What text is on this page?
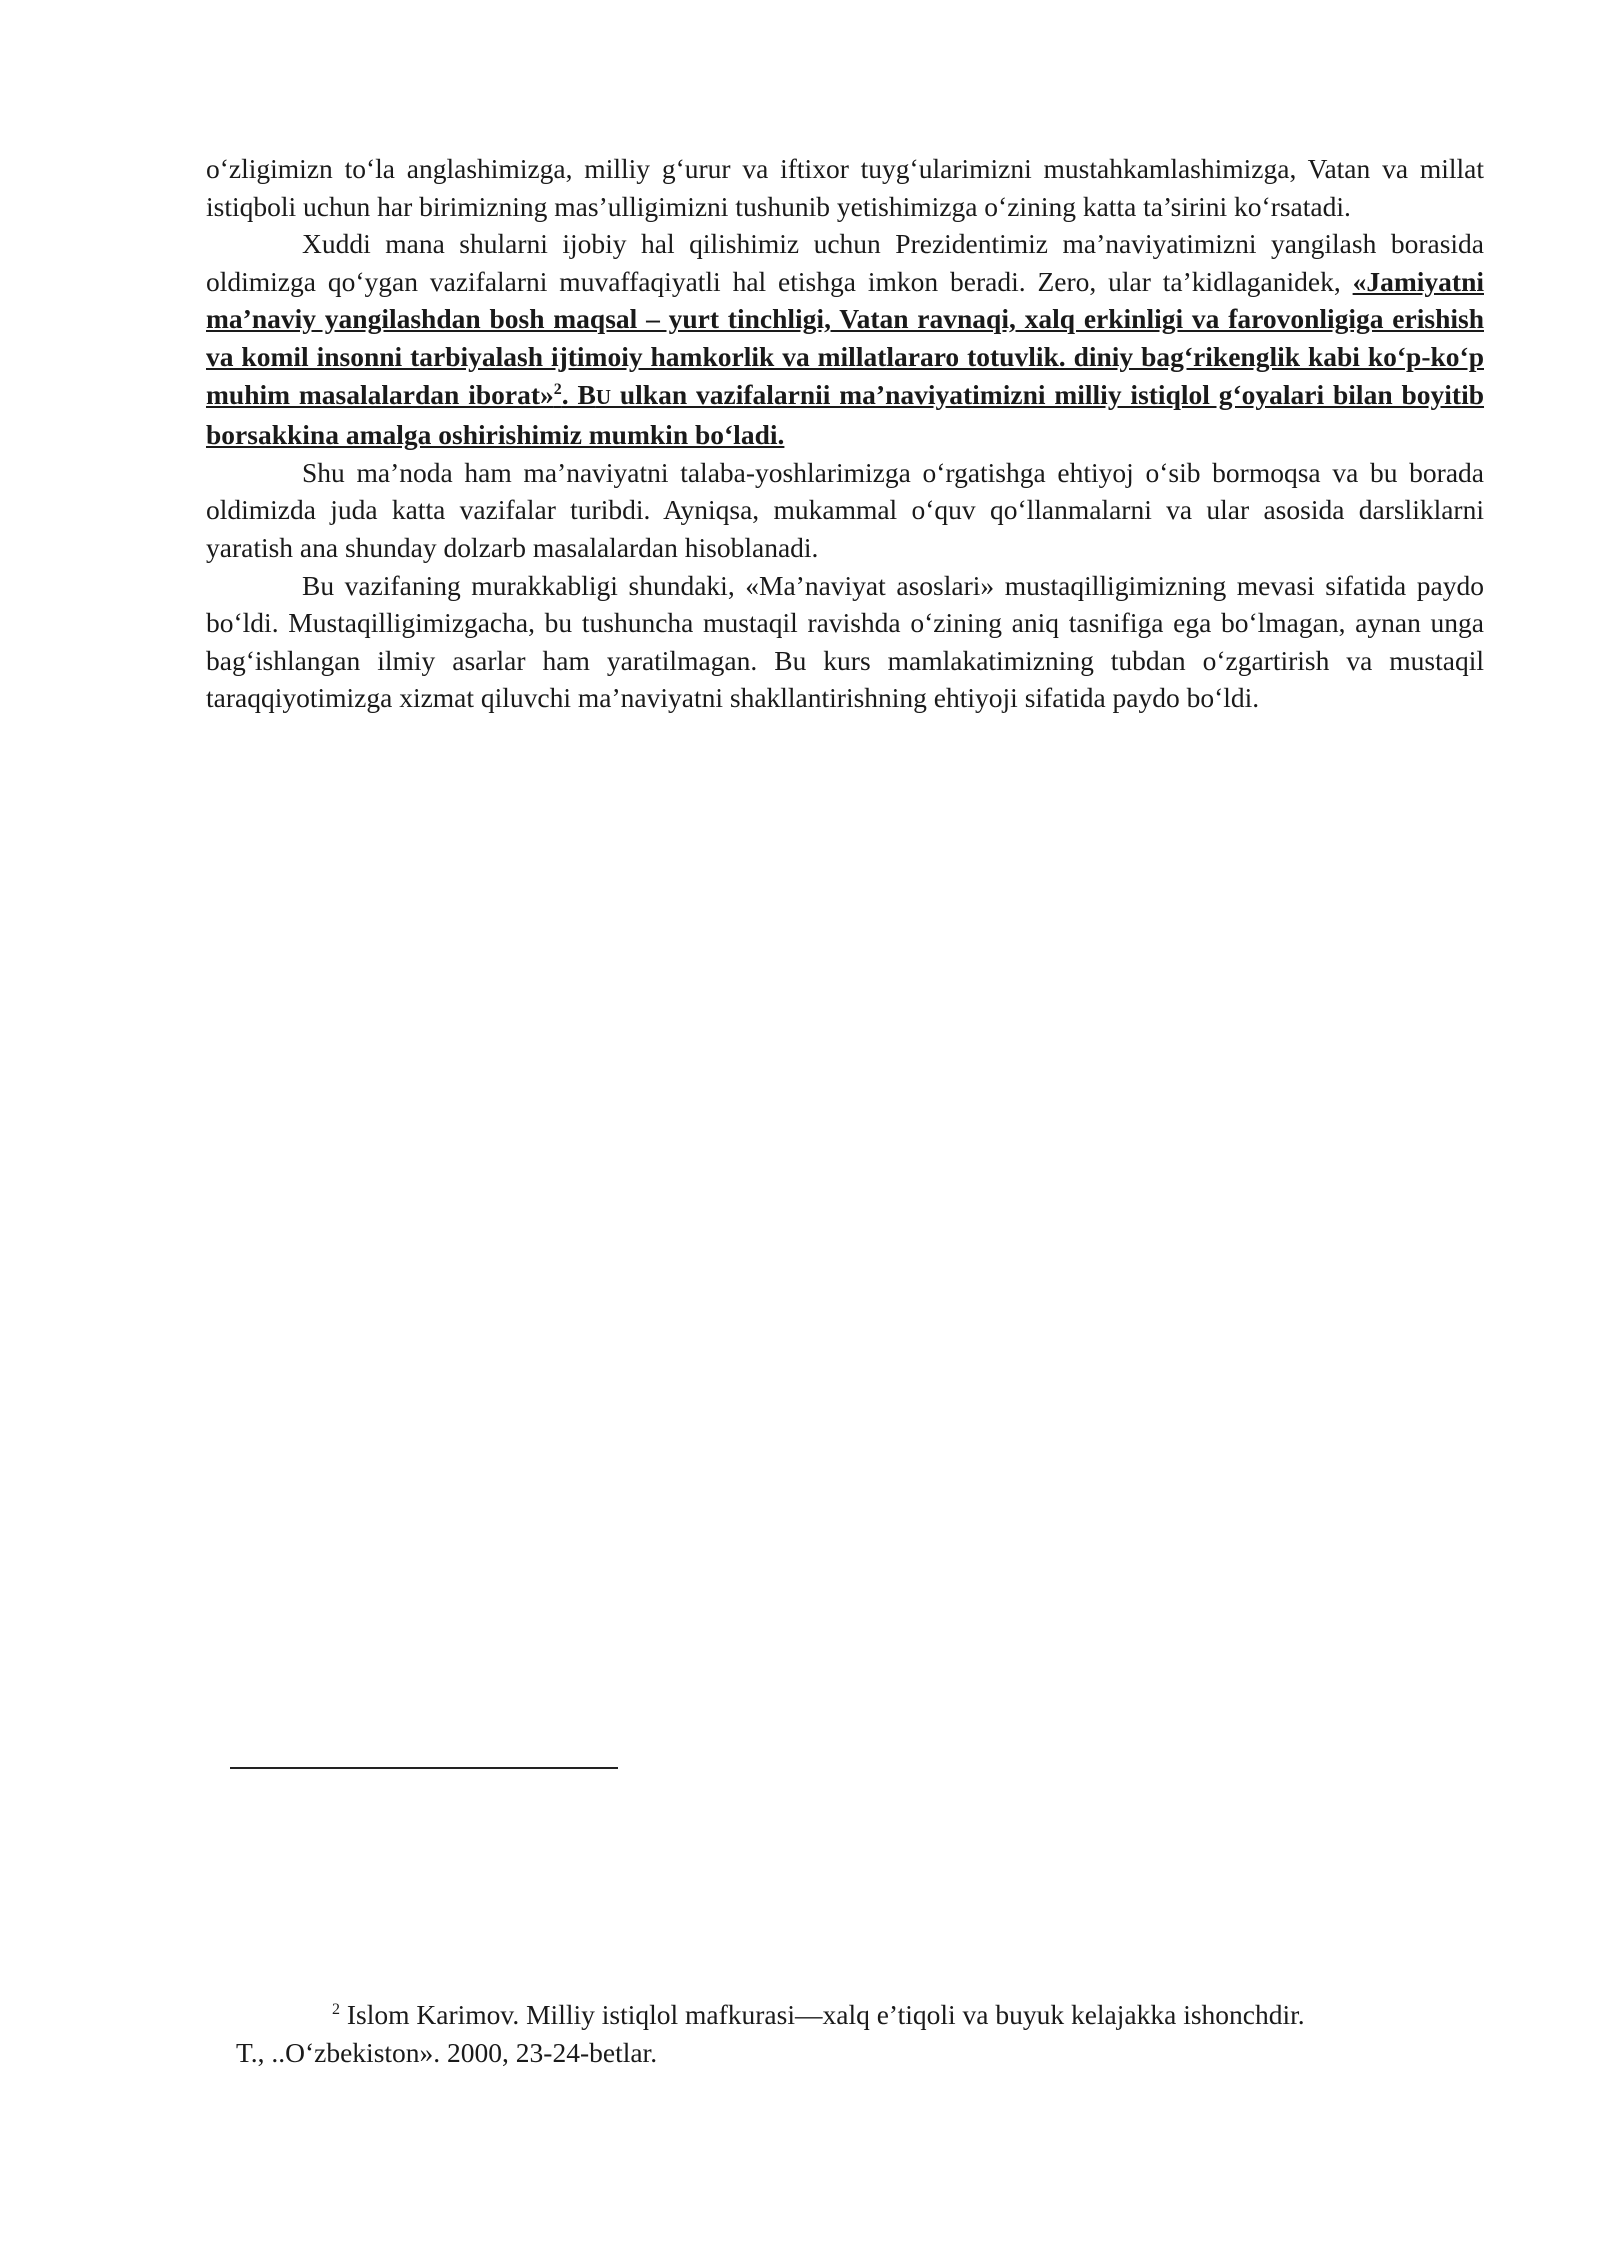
o‘zligimizn to‘la anglashimizga, milliy g‘urur va iftixor tuyg‘ularimizni mustahkamlashimizga, Vatan va millat istiqboli uchun har birimizning mas’ulligimizni tushunib yetishimizga o‘zining katta ta’sirini ko‘rsatadi.

Xuddi mana shularni ijobiy hal qilishimiz uchun Prezidentimiz ma’naviyatimizni yangilash borasida oldimizga qo‘ygan vazifalarni muvaffaqiyatli hal etishga imkon beradi. Zero, ular ta’kidlaganidek, «Jamiyatni ma’naviy yangilashdan bosh maqsal – yurt tinchligi, Vatan ravnaqi, xalq erkinligi va farovonligiga erishish va komil insonni tarbiyalash ijtimoiy hamkorlik va millatlararo totuvlik. diniy bag‘rikenglik kabi ko‘p-ko‘p muhim masalalardan iborat»$^2$. BU ulkan vazifalarnii ma’naviyatimizni milliy istiqlol g‘oyalari bilan boyitib borsakkina amalga oshirishimiz mumkin bo‘ladi.

Shu ma’noda ham ma’naviyatni talaba-yoshlarimizga o‘rgatishga ehtiyoj o‘sib bormoqsa va bu borada oldimizda juda katta vazifalar turibdi. Ayniqsa, mukammal o‘quv qo‘llanmalarni va ular asosida darsliklarni yaratish ana shunday dolzarb masalalardan hisoblanadi.

Bu vazifaning murakkabligi shundaki, «Ma’naviyat asoslari» mustaqilligimizning mevasi sifatida paydo bo‘ldi. Mustaqilligimizgacha, bu tushuncha mustaqil ravishda o‘zining aniq tasnifiga ega bo‘lmagan, aynan unga bag‘ishlangan ilmiy asarlar ham yaratilmagan. Bu kurs mamlakatimizning tubdan o‘zgartirish va mustaqil taraqqiyotimizga xizmat qiluvchi ma’naviyatni shakllantirishning ehtiyoji sifatida paydo bo‘ldi.

$^2$ Islom Karimov. Milliy istiqlol mafkurasi—xalq e’tiqoli va buyuk kelajakka ishonchdir.
T., ..O‘zbekiston». 2000, 23-24-betlar.
